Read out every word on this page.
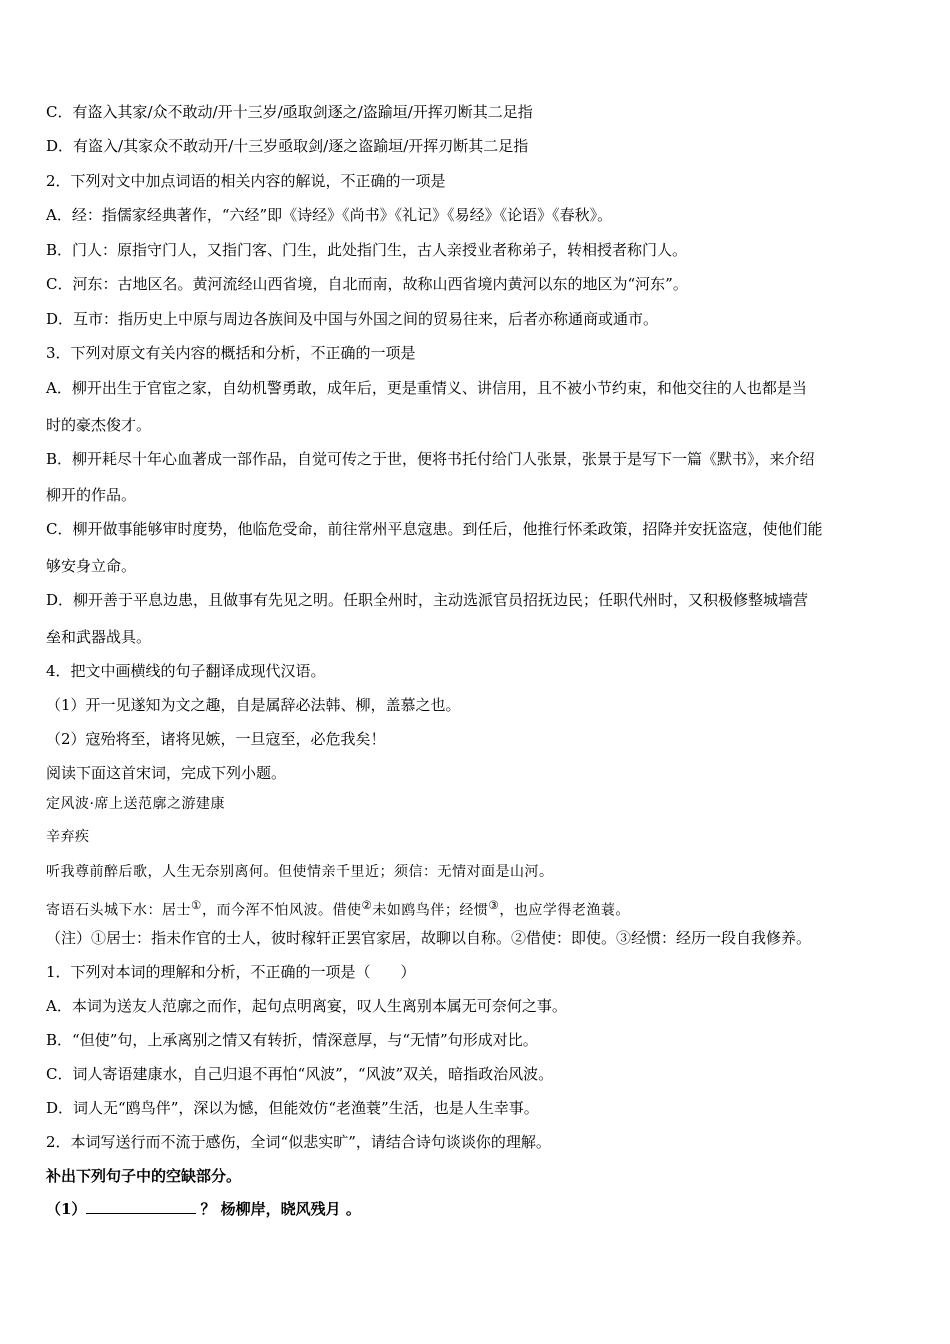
C．有盗入其家/众不敢动/开十三岁/亟取剑逐之/盗踰垣/开挥刃断其二足指
D．有盗入/其家众不敢动开/十三岁亟取剑/逐之盗踰垣/开挥刃断其二足指
2．下列对文中加点词语的相关内容的解说，不正确的一项是
A．经：指儒家经典著作，“六经”即《诗经》《尚书》《礼记》《易经》《论语》《春秋》。
B．门人：原指守门人，又指门客、门生，此处指门生，古人亲授业者称弟子，转相授者称门人。
C．河东：古地区名。黄河流经山西省境，自北而南，故称山西省境内黄河以东的地区为“河东”。
D．互市：指历史上中原与周边各族间及中国与外国之间的贸易往来，后者亦称通商或通市。
3．下列对原文有关内容的概括和分析，不正确的一项是
A．柳开出生于官宦之家，自幼机警勇敢，成年后，更是重情义、讲信用，且不被小节约束，和他交往的人也都是当
时的豪杰俊才。
B．柳开耗尽十年心血著成一部作品，自觉可传之于世，便将书托付给门人张景，张景于是写下一篇《默书》，来介绍
柳开的作品。
C．柳开做事能够审时度势，他临危受命，前往常州平息寇患。到任后，他推行怀柔政策，招降并安抚盗寇，使他们能
够安身立命。
D．柳开善于平息边患，且做事有先见之明。任职全州时，主动选派官员招抚边民；任职代州时，又积极修整城墙营
垒和武器战具。
4．把文中画横线的句子翻译成现代汉语。
（1）开一见遂知为文之趣，自是属辞必法韩、柳，盖慕之也。
（2）寇殆将至，诸将见嫉，一旦寇至，必危我矣！
阅读下面这首宋词，完成下列小题。
定风波·席上送范廓之游建康
辛弃疾
听我尊前醉后歌，人生无奈别离何。但使情亲千里近；须信：无情对面是山河。
寄语石头城下水：居士①，而今浑不怕风波。借使②未如鸥鸟伴；经惯③，也应学得老渔蓑。
（注）①居士：指未作官的士人，彼时稼轩正罢官家居，故聊以自称。②借使：即使。③经惯：经历一段自我修养。
1．下列对本词的理解和分析，不正确的一项是（　　）
A．本词为送友人范廓之而作，起句点明离宴，叹人生离别本属无可奈何之事。
B．“但使”句，上承离别之情又有转折，情深意厚，与“无情”句形成对比。
C．词人寄语建康水，自己归退不再怕“风波”，“风波”双关，暗指政治风波。
D．词人无“鸥鸟伴”，深以为憾，但能效仿“老渔蓑”生活，也是人生幸事。
2．本词写送行而不流于感伤，全词“似悲实旷”，请结合诗句谈谈你的理解。
补出下列句子中的空缺部分。
（1）	？ 杨柳岸，晓风残月 。
